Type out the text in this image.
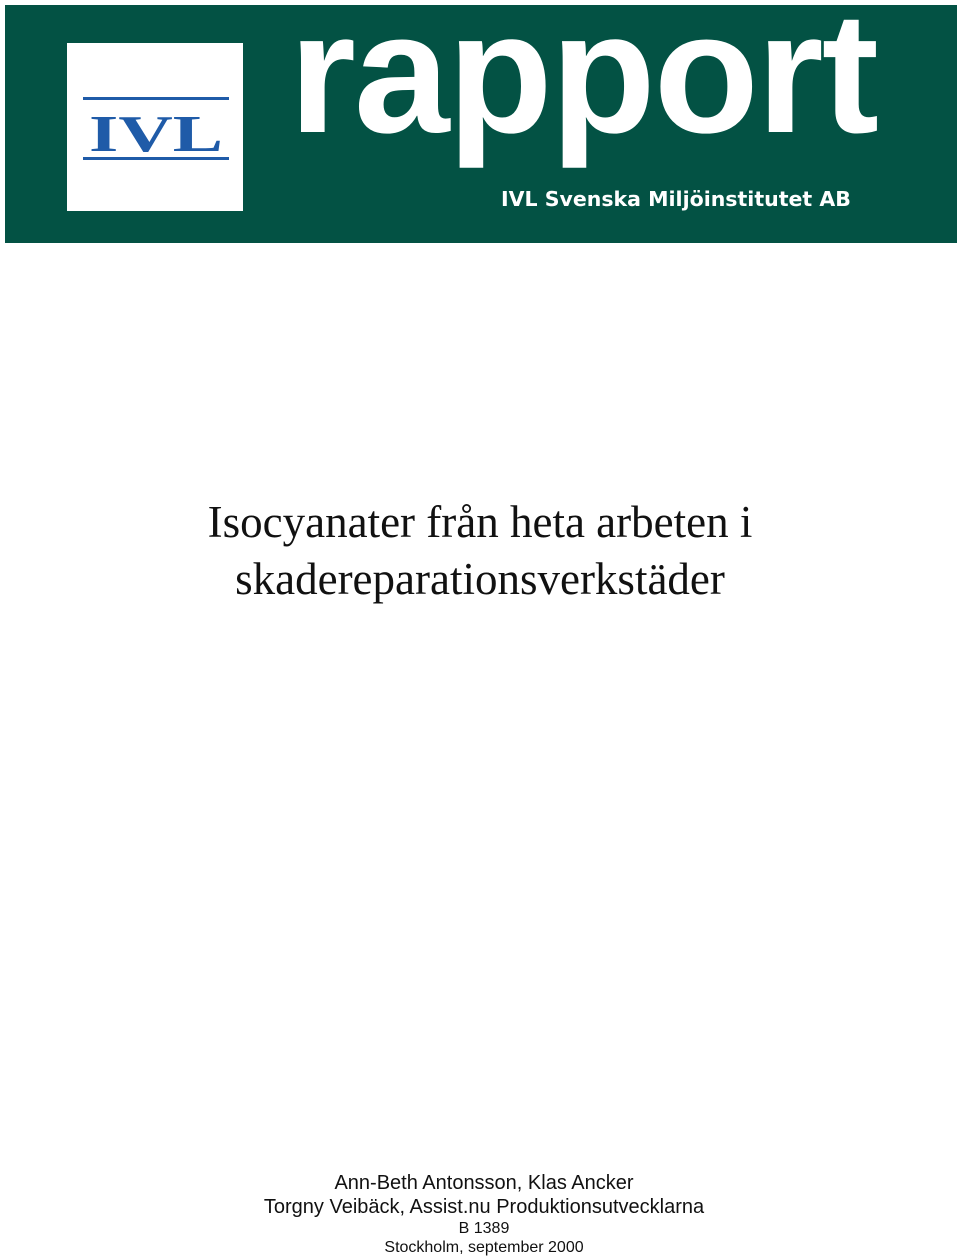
IVL rapport
IVL Svenska Miljöinstitutet AB
Isocyanater från heta arbeten i
skadereparationsverkstäder
Ann-Beth Antonsson, Klas Ancker
Torgny Veibäck, Assist.nu Produktionsutvecklarna
B 1389
Stockholm, september 2000
